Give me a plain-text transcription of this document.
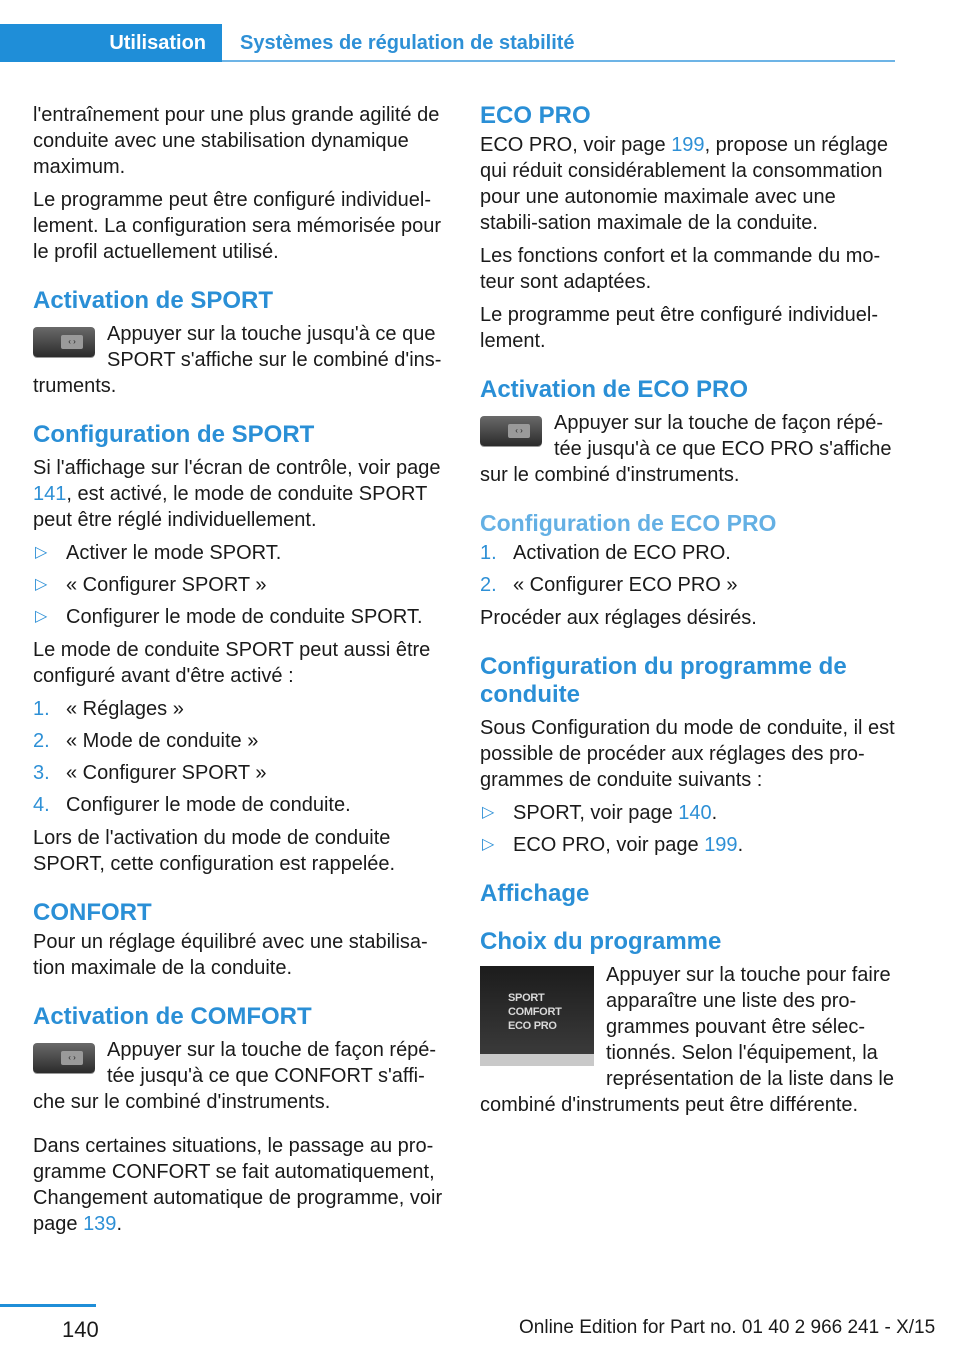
Utilisation	Systèmes de régulation de stabilité

l'entraînement pour une plus grande agilité de conduite avec une stabilisation dynamique maximum.

Le programme peut être configuré individuel-lement. La configuration sera mémorisée pour le profil actuellement utilisé.

Activation de SPORT
‹ ›	Appuyer sur la touche jusqu'à ce que SPORT s'affiche sur le combiné d'ins-truments.

Configuration de SPORT

Si l'affichage sur l'écran de contrôle, voir page 141, est activé, le mode de conduite SPORT peut être réglé individuellement.

▷ Activer le mode SPORT.
▷ « Configurer SPORT »
▷ Configurer le mode de conduite SPORT.

Le mode de conduite SPORT peut aussi être configuré avant d'être activé :

1. « Réglages »
2. « Mode de conduite »
3. « Configurer SPORT »
4. Configurer le mode de conduite.

Lors de l'activation du mode de conduite SPORT, cette configuration est rappelée.

CONFORT

Pour un réglage équilibré avec une stabilisa-tion maximale de la conduite.

Activation de COMFORT
‹ ›	Appuyer sur la touche de façon répé-tée jusqu'à ce que CONFORT s'affi-che sur le combiné d'instruments.

Dans certaines situations, le passage au pro-gramme CONFORT se fait automatiquement, Changement automatique de programme, voir page 139.

ECO PRO

ECO PRO, voir page 199, propose un réglage qui réduit considérablement la consommation pour une autonomie maximale avec une stabili-sation maximale de la conduite.

Les fonctions confort et la commande du mo-teur sont adaptées.

Le programme peut être configuré individuel-lement.

Activation de ECO PRO
‹ ›	Appuyer sur la touche de façon répé-tée jusqu'à ce que ECO PRO s'affiche sur le combiné d'instruments.

Configuration de ECO PRO
1. Activation de ECO PRO.
2. « Configurer ECO PRO »

Procéder aux réglages désirés.

Configuration du programme de conduite

Sous Configuration du mode de conduite, il est possible de procéder aux réglages des pro-grammes de conduite suivants :

▷ SPORT, voir page 140.
▷ ECO PRO, voir page 199.
Affichage
Choix du programme
SPORT
COMFORT
ECO PRO

Appuyer sur la touche pour faire apparaître une liste des pro-grammes pouvant être sélec-tionnés. Selon l'équipement, la représentation de la liste dans le combiné d'instruments peut être différente.

140	Online Edition for Part no. 01 40 2 966 241 - X/15
